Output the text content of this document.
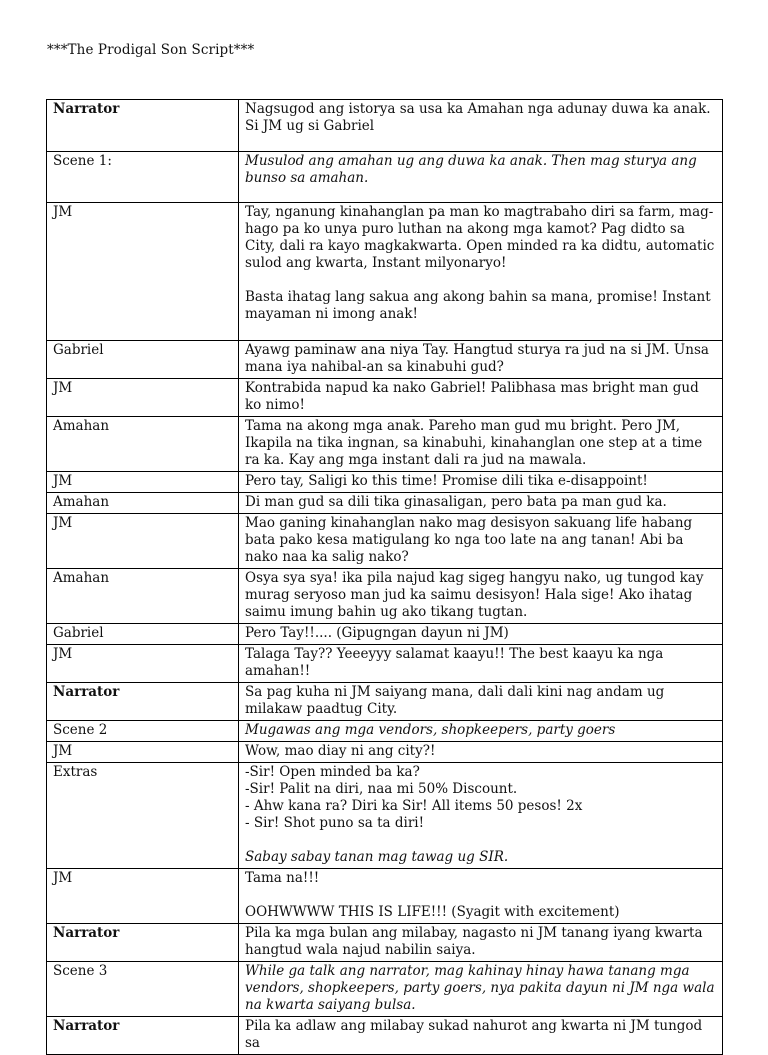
***The Prodigal Son Script***
Narrator	Nagsugod ang istorya sa usa ka Amahan nga adunay duwa ka anak. Si JM ug si Gabriel

Scene 1:	Musulod ang amahan ug ang duwa ka anak. Then mag sturya ang bunso sa amahan.

JM	Tay, nganung kinahanglan pa man ko magtrabaho diri sa farm, mag-hago pa ko unya puro luthan na akong mga kamot? Pag didto sa City, dali ra kayo magkakwarta. Open minded ra ka didtu, automatic sulod ang kwarta, Instant milyonaryo!
Basta ihatag lang sakua ang akong bahin sa mana, promise! Instant mayaman ni imong anak!

Gabriel	Ayawg paminaw ana niya Tay. Hangtud sturya ra jud na si JM. Unsa mana iya nahibal-an sa kinabuhi gud?

JM	Kontrabida napud ka nako Gabriel! Palibhasa mas bright man gud ko nimo!

Amahan	Tama na akong mga anak. Pareho man gud mu bright. Pero JM, Ikapila na tika ingnan, sa kinabuhi, kinahanglan one step at a time ra ka. Kay ang mga instant dali ra jud na mawala.

JM	Pero tay, Saligi ko this time! Promise dili tika e-disappoint!

Amahan	Di man gud sa dili tika ginasaligan, pero bata pa man gud ka.

JM	Mao ganing kinahanglan nako mag desisyon sakuang life habang bata pako kesa matigulang ko nga too late na ang tanan! Abi ba nako naa ka salig nako?

Amahan	Osya sya sya! ika pila najud kag sigeg hangyu nako, ug tungod kay murag seryoso man jud ka saimu desisyon! Hala sige! Ako ihatag saimu imung bahin ug ako tikang tugtan.

Gabriel	Pero Tay!!.... (Gipugngan dayun ni JM)

JM	Talaga Tay?? Yeeeyyy salamat kaayu!! The best kaayu ka nga amahan!!

Narrator	Sa pag kuha ni JM saiyang mana, dali dali kini nag andam ug milakaw paadtug City.

Scene 2	Mugawas ang mga vendors, shopkeepers, party goers

JM	Wow, mao diay ni ang city?!

Extras	-Sir! Open minded ba ka?
-Sir! Palit na diri, naa mi 50% Discount.
- Ahw kana ra? Diri ka Sir! All items 50 pesos! 2x
- Sir! Shot puno sa ta diri!
Sabay sabay tanan mag tawag ug SIR.

JM	Tama na!!!
OOHWWWW THIS IS LIFE!!! (Syagit with excitement)

Narrator	Pila ka mga bulan ang milabay, nagasto ni JM tanang iyang kwarta hangtud wala najud nabilin saiya.

Scene 3	While ga talk ang narrator, mag kahinay hinay hawa tanang mga vendors, shopkeepers, party goers, nya pakita dayun ni JM nga wala na kwarta saiyang bulsa.

Narrator	Pila ka adlaw ang milabay sukad nahurot ang kwarta ni JM tungod sa
